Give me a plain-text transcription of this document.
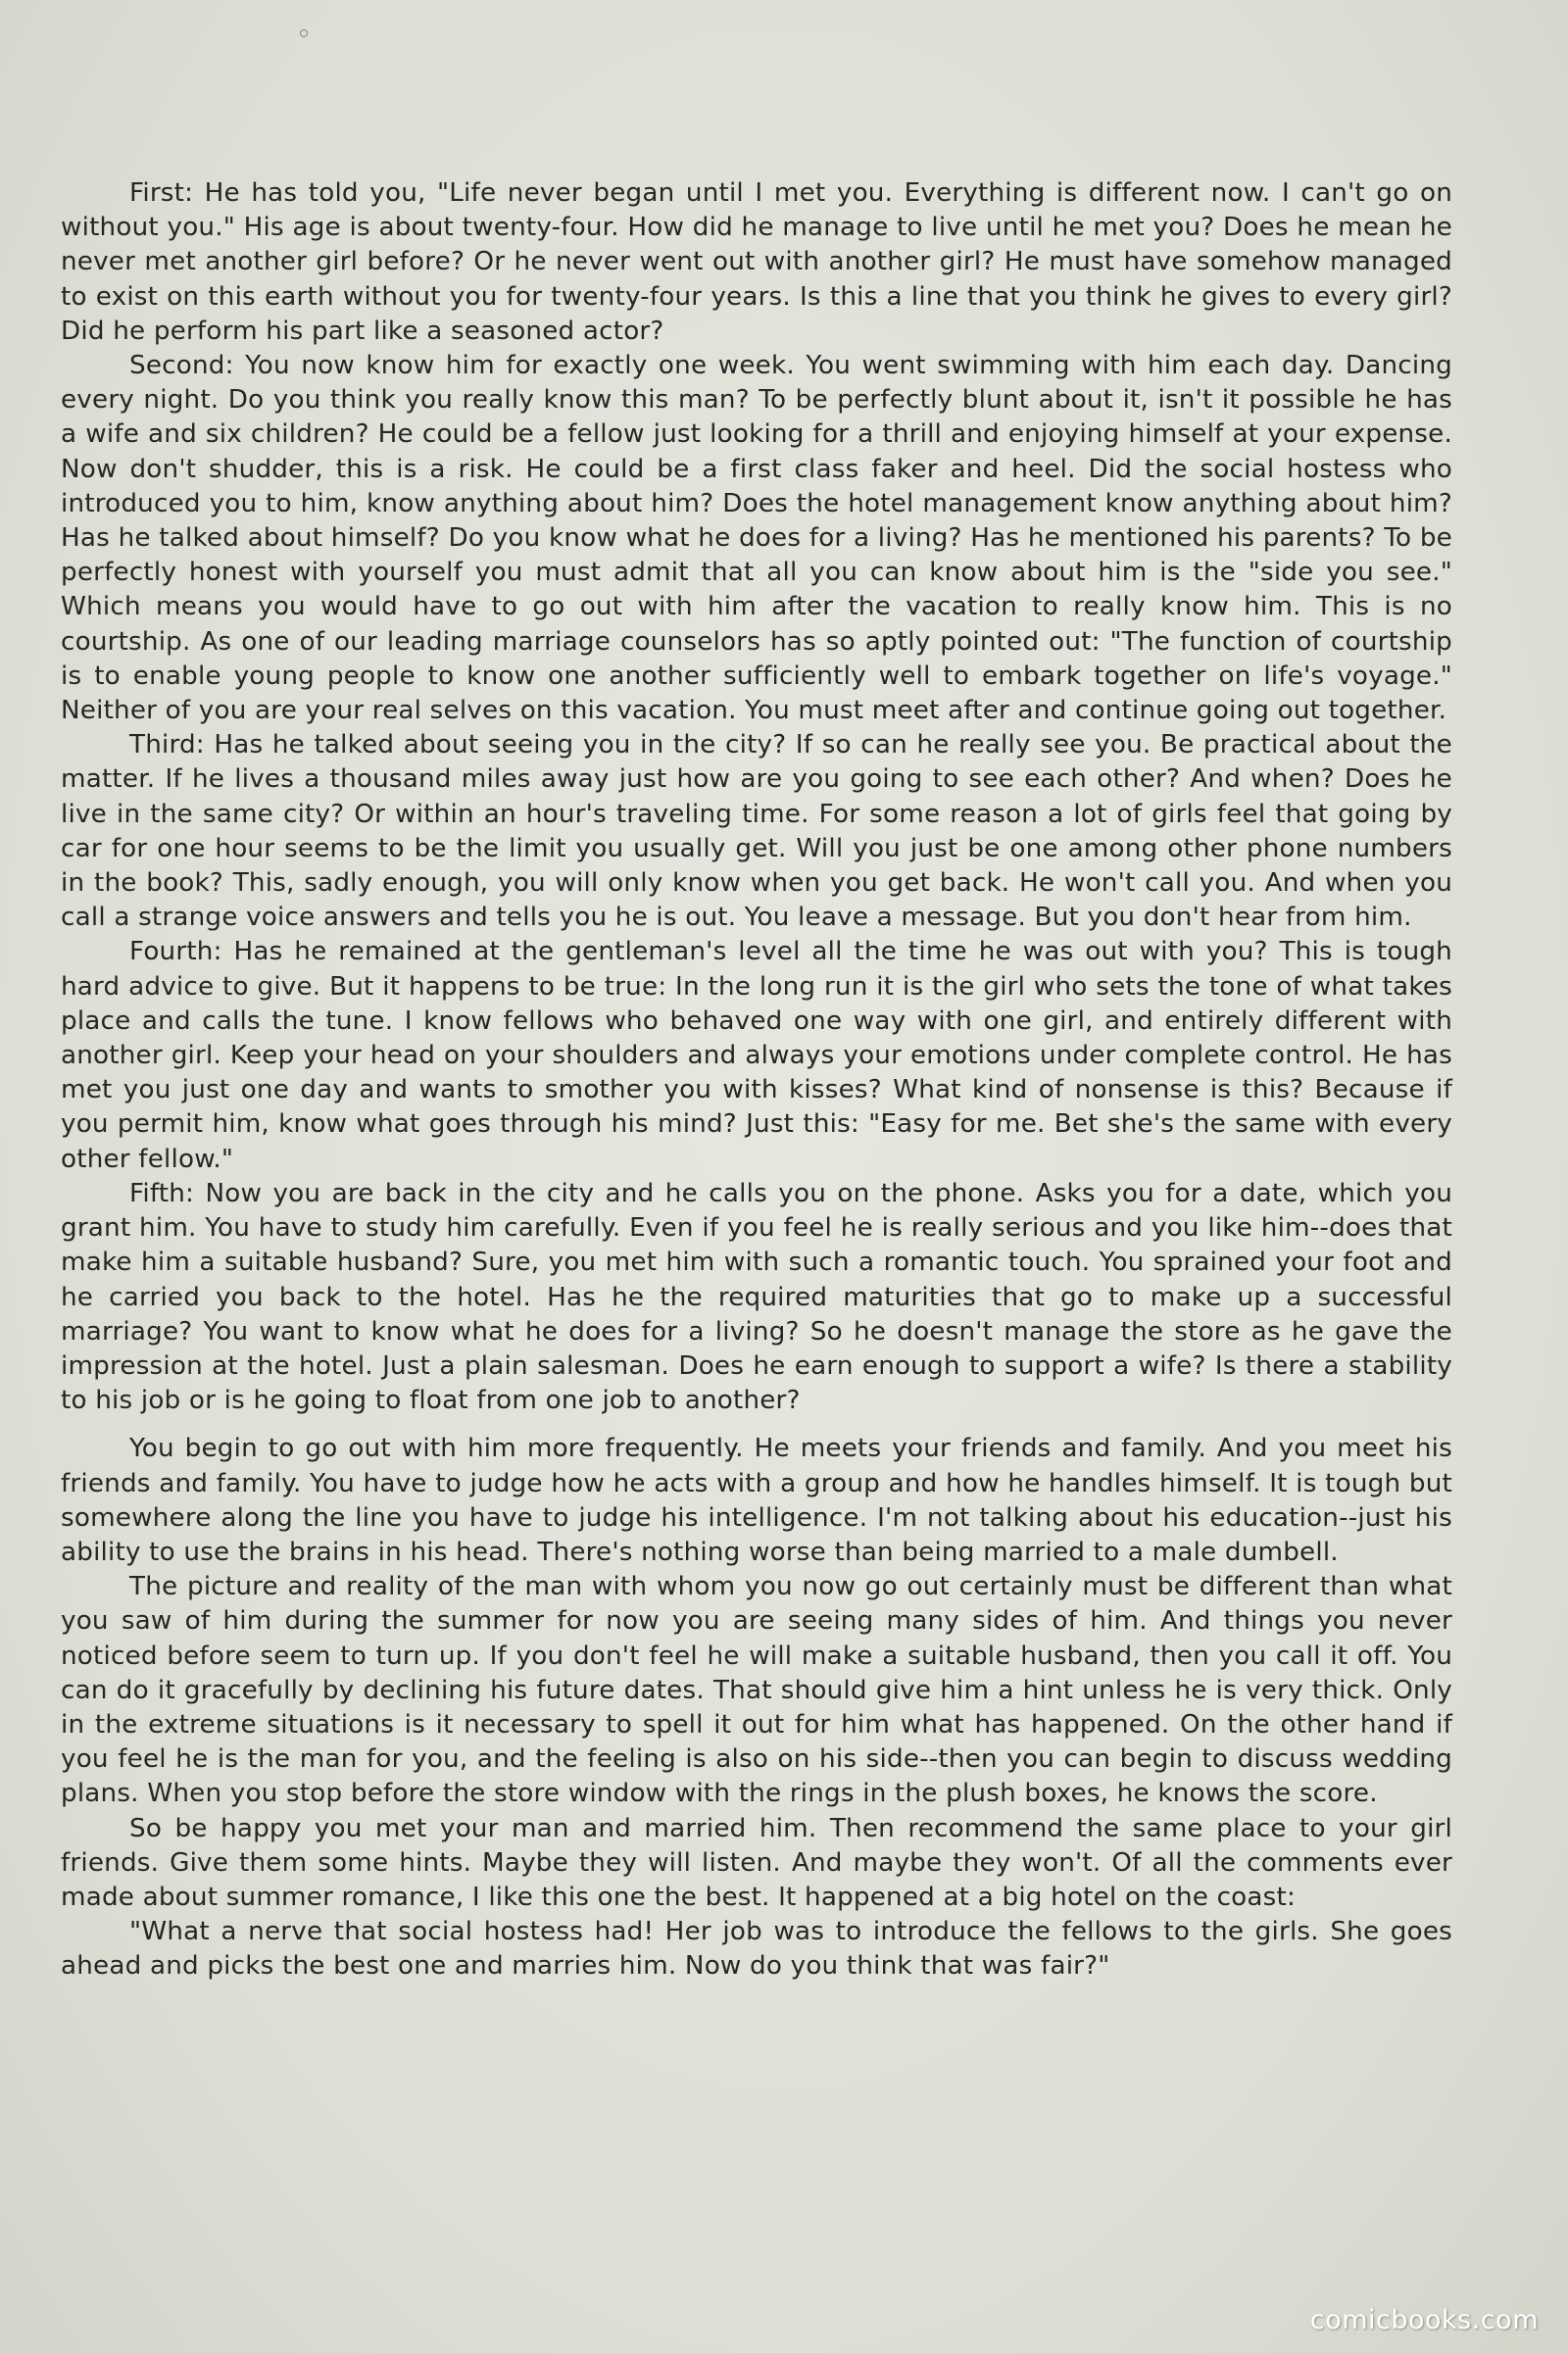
First: He has told you, "Life never began until I met you. Everything is different now. I can't go on without you." His age is about twenty-four. How did he manage to live until he met you? Does he mean he never met another girl before? Or he never went out with another girl? He must have somehow managed to exist on this earth without you for twenty-four years. Is this a line that you think he gives to every girl? Did he perform his part like a seasoned actor?

Second: You now know him for exactly one week. You went swimming with him each day. Dancing every night. Do you think you really know this man? To be perfectly blunt about it, isn't it possible he has a wife and six children? He could be a fellow just looking for a thrill and enjoying himself at your expense. Now don't shudder, this is a risk. He could be a first class faker and heel. Did the social hostess who introduced you to him, know anything about him? Does the hotel management know anything about him? Has he talked about himself? Do you know what he does for a living? Has he mentioned his parents? To be perfectly honest with yourself you must admit that all you can know about him is the "side you see." Which means you would have to go out with him after the vacation to really know him. This is no courtship. As one of our leading marriage counselors has so aptly pointed out: "The function of courtship is to enable young people to know one another sufficiently well to embark together on life's voyage." Neither of you are your real selves on this vacation. You must meet after and continue going out together.

Third: Has he talked about seeing you in the city? If so can he really see you. Be practical about the matter. If he lives a thousand miles away just how are you going to see each other? And when? Does he live in the same city? Or within an hour's traveling time. For some reason a lot of girls feel that going by car for one hour seems to be the limit you usually get. Will you just be one among other phone numbers in the book? This, sadly enough, you will only know when you get back. He won't call you. And when you call a strange voice answers and tells you he is out. You leave a message. But you don't hear from him.

Fourth: Has he remained at the gentleman's level all the time he was out with you? This is tough hard advice to give. But it happens to be true: In the long run it is the girl who sets the tone of what takes place and calls the tune. I know fellows who behaved one way with one girl, and entirely different with another girl. Keep your head on your shoulders and always your emotions under complete control. He has met you just one day and wants to smother you with kisses? What kind of nonsense is this? Because if you permit him, know what goes through his mind? Just this: "Easy for me. Bet she's the same with every other fellow."

Fifth: Now you are back in the city and he calls you on the phone. Asks you for a date, which you grant him. You have to study him carefully. Even if you feel he is really serious and you like him--does that make him a suitable husband? Sure, you met him with such a romantic touch. You sprained your foot and he carried you back to the hotel. Has he the required maturities that go to make up a successful marriage? You want to know what he does for a living? So he doesn't manage the store as he gave the impression at the hotel. Just a plain salesman. Does he earn enough to support a wife? Is there a stability to his job or is he going to float from one job to another?

You begin to go out with him more frequently. He meets your friends and family. And you meet his friends and family. You have to judge how he acts with a group and how he handles himself. It is tough but somewhere along the line you have to judge his intelligence. I'm not talking about his education--just his ability to use the brains in his head. There's nothing worse than being married to a male dumbell.

The picture and reality of the man with whom you now go out certainly must be different than what you saw of him during the summer for now you are seeing many sides of him. And things you never noticed before seem to turn up. If you don't feel he will make a suitable husband, then you call it off. You can do it gracefully by declining his future dates. That should give him a hint unless he is very thick. Only in the extreme situations is it necessary to spell it out for him what has happened. On the other hand if you feel he is the man for you, and the feeling is also on his side--then you can begin to discuss wedding plans. When you stop before the store window with the rings in the plush boxes, he knows the score.

So be happy you met your man and married him. Then recommend the same place to your girl friends. Give them some hints. Maybe they will listen. And maybe they won't. Of all the comments ever made about summer romance, I like this one the best. It happened at a big hotel on the coast:

"What a nerve that social hostess had! Her job was to introduce the fellows to the girls. She goes ahead and picks the best one and marries him. Now do you think that was fair?"

comicbooks.com
